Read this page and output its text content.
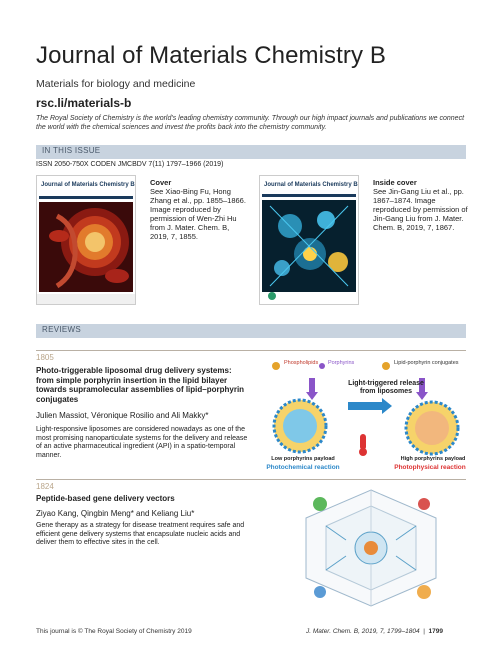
Journal of Materials Chemistry B
Materials for biology and medicine
rsc.li/materials-b
The Royal Society of Chemistry is the world's leading chemistry community. Through our high impact journals and publications we connect the world with the chemical sciences and invest the profits back into the chemistry community.
IN THIS ISSUE
ISSN 2050-750X CODEN JMCBDV 7(11) 1797–1966 (2019)
Journal of Materials Chemistry B Cover
See Xiao-Bing Fu, Hong Zhang et al., pp. 1855–1866. Image reproduced by permission of Wen-Zhi Hu from J. Mater. Chem. B, 2019, 7, 1855.
Journal of Materials Chemistry B Inside cover
See Jin-Gang Liu et al., pp. 1867–1874. Image reproduced by permission of Jin-Gang Liu from J. Mater. Chem. B, 2019, 7, 1867.
REVIEWS
1805
Photo-triggerable liposomal drug delivery systems: from simple porphyrin insertion in the lipid bilayer towards supramolecular assemblies of lipid–porphyrin conjugates
Julien Massiot, Véronique Rosilio and Ali Makky*
Light-responsive liposomes are considered nowadays as one of the most promising nanoparticulate systems for the delivery and release of an active pharmaceutical ingredient (API) in a spatio-temporal manner.
Phospholipids Porphyrins	Lipid-porphyrin conjugates
Light-triggered release from liposomes
Low porphyrins payload
Photochemical reaction
High porphyrins payload
Photophysical reaction
1824
Peptide-based gene delivery vectors
Ziyao Kang, Qingbin Meng* and Keliang Liu*
Gene therapy as a strategy for disease treatment requires safe and efficient gene delivery systems that encapsulate nucleic acids and deliver them to effective sites in the cell.
This journal is © The Royal Society of Chemistry 2019	J. Mater. Chem. B, 2019, 7, 1799–1804  |  1799
